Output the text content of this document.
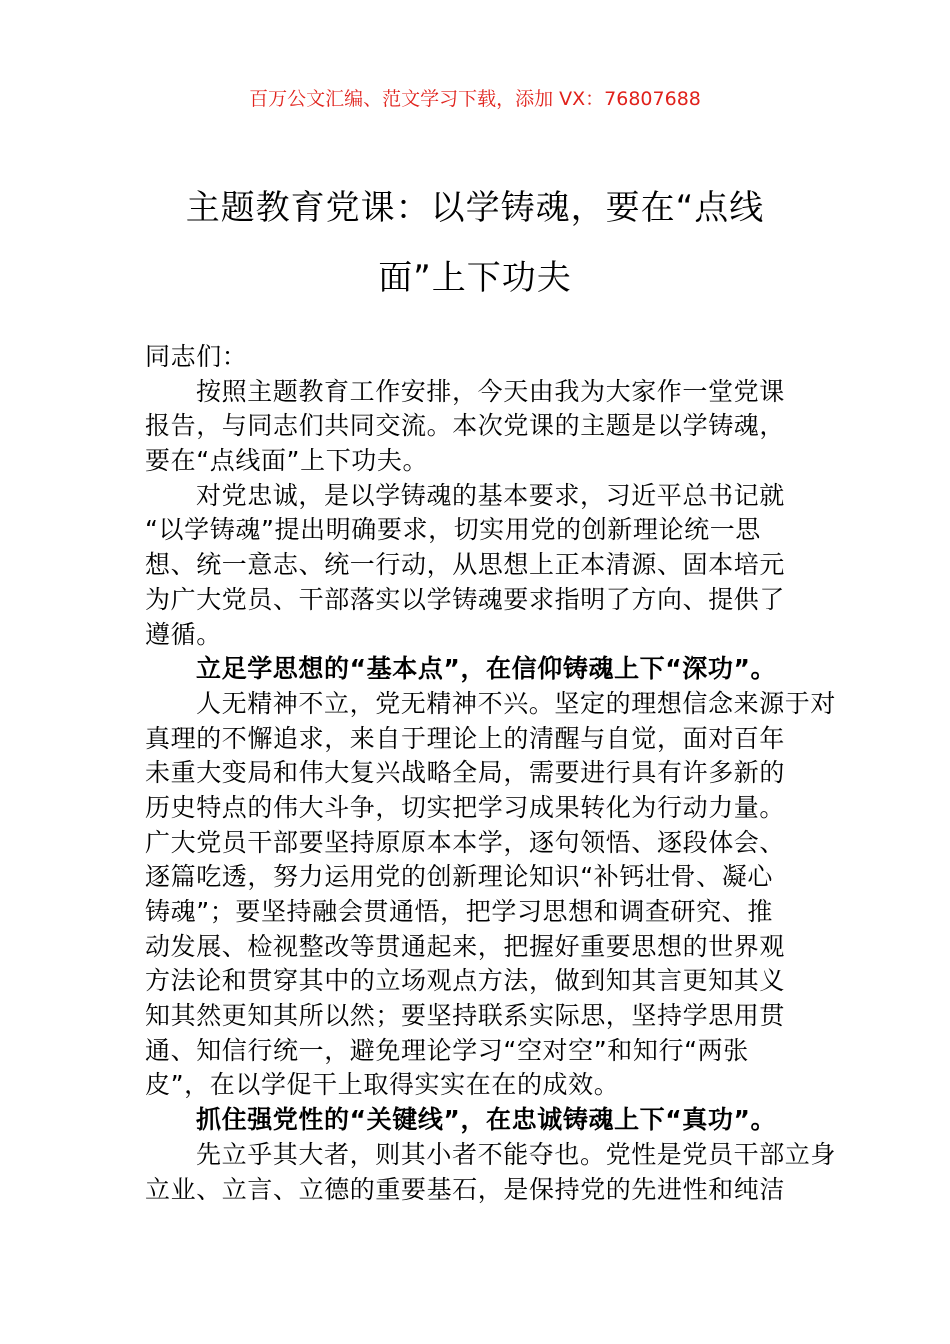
百万公文汇编、范文学习下载，添加 VX：76807688
主题教育党课：以学铸魂，要在“点线
面”上下功夫
同志们：
按照主题教育工作安排，今天由我为大家作一堂党课
报告，与同志们共同交流。本次党课的主题是以学铸魂，
要在“点线面”上下功夫。
对党忠诚，是以学铸魂的基本要求，习近平总书记就
“以学铸魂”提出明确要求，切实用党的创新理论统一思
想、统一意志、统一行动，从思想上正本清源、固本培元
为广大党员、干部落实以学铸魂要求指明了方向、提供了
遵循。
立足学思想的“基本点”，在信仰铸魂上下“深功”。
人无精神不立，党无精神不兴。坚定的理想信念来源于对
真理的不懈追求，来自于理论上的清醒与自觉，面对百年
未重大变局和伟大复兴战略全局，需要进行具有许多新的
历史特点的伟大斗争，切实把学习成果转化为行动力量。
广大党员干部要坚持原原本本学，逐句领悟、逐段体会、
逐篇吃透，努力运用党的创新理论知识“补钙壮骨、凝心
铸魂”；要坚持融会贯通悟，把学习思想和调查研究、推
动发展、检视整改等贯通起来，把握好重要思想的世界观
方法论和贯穿其中的立场观点方法，做到知其言更知其义
知其然更知其所以然；要坚持联系实际思，坚持学思用贯
通、知信行统一，避免理论学习“空对空”和知行“两张
皮”，在以学促干上取得实实在在的成效。
抓住强党性的“关键线”，在忠诚铸魂上下“真功”。
先立乎其大者，则其小者不能夺也。党性是党员干部立身
立业、立言、立德的重要基石，是保持党的先进性和纯洁
